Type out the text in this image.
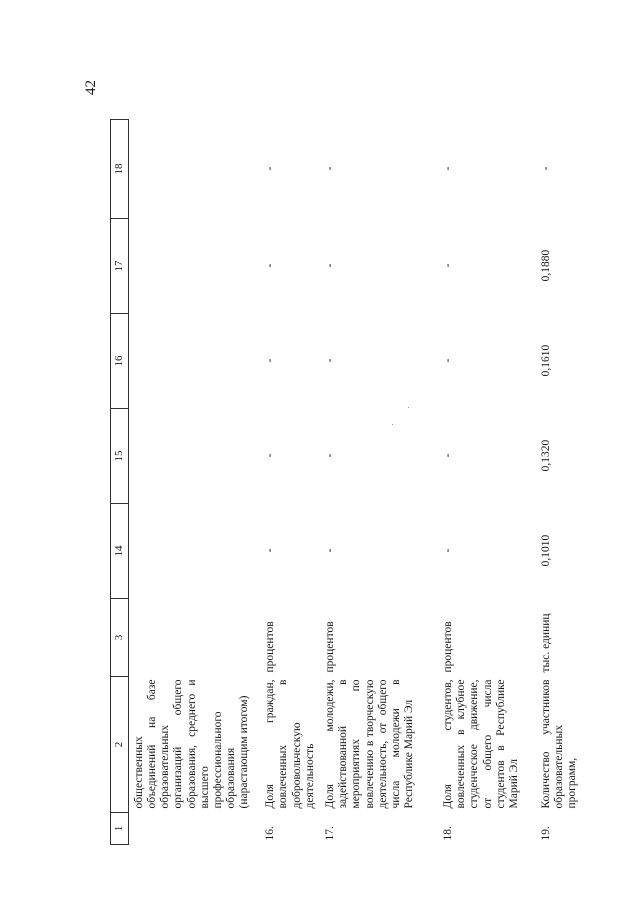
42
1	2	3	14	15	16	17	18
	общественных объединений на базе образовательных организаций общего образования, среднего и высшего профессионального образования (нарастающим итогом)						
16.	Доля граждан, вовлеченных в добровольческую деятельность	процентов	-	-	-	-	-
17.	Доля молодежи, задействованной в мероприятиях по вовлечению в творческую деятельность, от общего числа молодежи в Республике Марий Эл	процентов	-	-	-	-	-
18.	Доля студентов, вовлеченных в клубное студенческое движение, от общего числа студентов в Республике Марий Эл	процентов	-	-	-	-	-
19.	Количество участников образовательных программ,	тыс. единиц	0,1010	0,1320	0,1610	0,1880	-
